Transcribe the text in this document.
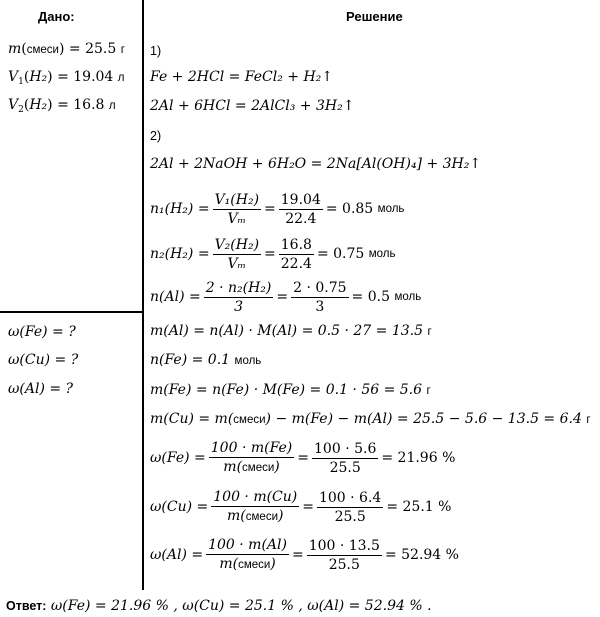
Дано:	Решение
m(смеси) = 25.5 г
$V_1(H_2) = 19.04$ л
$V_2(H_2) = 16.8$ л
ω(Fe) = ?
ω(Cu) = ?
ω(Al) = ?
1)
Fe + 2HCl = FeCl₂ + H₂↑
2Al + 6HCl = 2AlCl₃ + 3H₂↑
2)
2Al + 2NaOH + 6H₂O = 2Na[Al(OH)₄] + 3H₂↑
$n_1(H_2) = \frac{\text{V₁(H₂)}}{\text{Vₘ}} = \frac{19.04}{22.4} = 0.85$
моль
$n_2(H_2) = \frac{\text{V₂(H₂)}}{\text{Vₘ}} = \frac{16.8}{22.4} = 0.75$
моль
$n(Al) = \frac{\text{2 · n₂(H₂)}}{3} = \frac{2 \cdot 0.75}{3} = 0.5$
моль
m(Al) = n(Al) · M(Al) = 0.5 · 27 = 13.5 г
n(Fe) = 0.1 моль
m(Fe) = n(Fe) · M(Fe) = 0.1 · 56 = 5.6 г
m(Cu) = m(смеси) − m(Fe) − m(Al) = 25.5 − 5.6 − 13.5 = 6.4 г
$\omega(Fe) = \frac{100 \cdot m(Fe)}{\text{m(смеси)}} = \frac{100 \cdot 5.6}{25.5} = 21.96$ %
$\omega(Cu) = \frac{100 \cdot m(Cu)}{\text{m(смеси)}} = \frac{100 \cdot 6.4}{25.5} = 25.1$ %
$\omega(Al) = \frac{100 \cdot m(Al)}{\text{m(смеси)}} = \frac{100 \cdot 13.5}{25.5} = 52.94$ %
Ответ: ω(Fe) = 21.96 % , ω(Cu) = 25.1 % , ω(Al) = 52.94 % .
